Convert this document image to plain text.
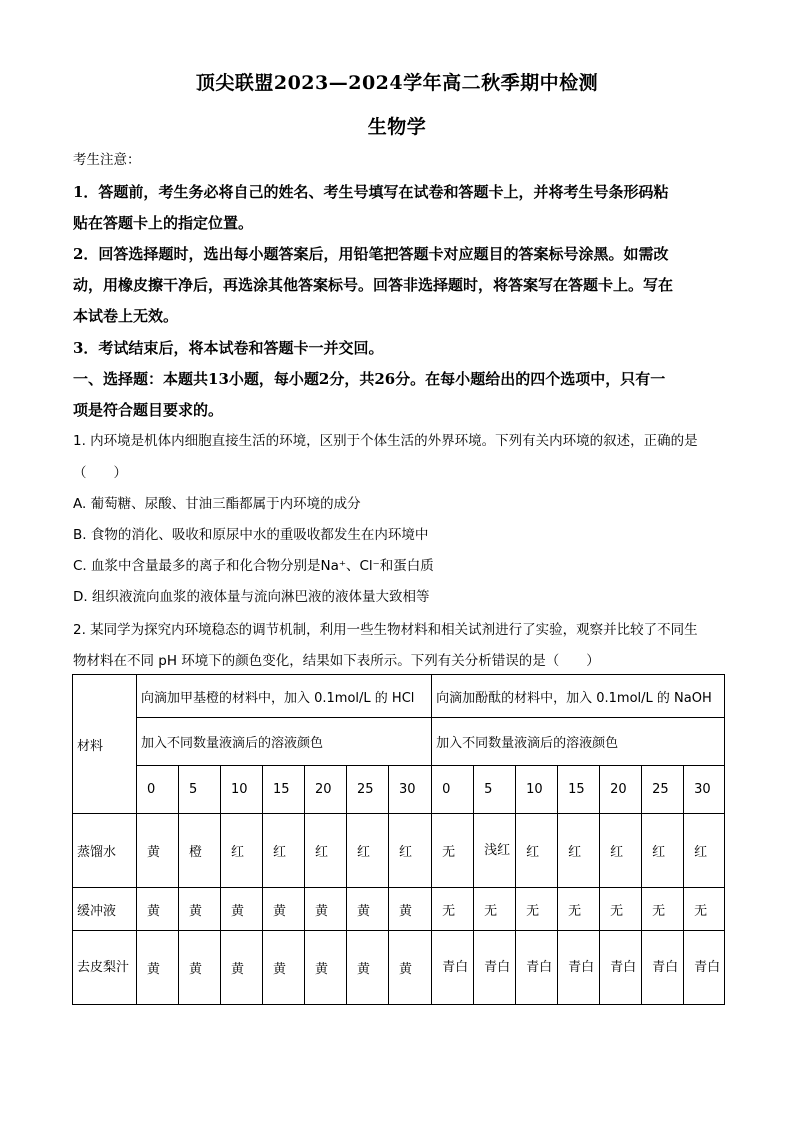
顶尖联盟2023—2024学年高二秋季期中检测
生物学
考生注意：
1．答题前，考生务必将自己的姓名、考生号填写在试卷和答题卡上，并将考生号条形码粘
贴在答题卡上的指定位置。
2．回答选择题时，选出每小题答案后，用铅笔把答题卡对应题目的答案标号涂黑。如需改
动，用橡皮擦干净后，再选涂其他答案标号。回答非选择题时，将答案写在答题卡上。写在
本试卷上无效。
3．考试结束后，将本试卷和答题卡一并交回。
一、选择题：本题共13小题，每小题2分，共26分。在每小题给出的四个选项中，只有一
项是符合题目要求的。
1. 内环境是机体内细胞直接生活的环境，区别于个体生活的外界环境。下列有关内环境的叙述，正确的是
（　　）
A. 葡萄糖、尿酸、甘油三酯都属于内环境的成分
B. 食物的消化、吸收和原尿中水的重吸收都发生在内环境中
C. 血浆中含量最多的离子和化合物分别是Na⁺、Cl⁻和蛋白质
D. 组织液流向血浆的液体量与流向淋巴液的液体量大致相等
2. 某同学为探究内环境稳态的调节机制，利用一些生物材料和相关试剂进行了实验，观察并比较了不同生
物材料在不同 pH 环境下的颜色变化，结果如下表所示。下列有关分析错误的是（　　）
材料	向滴加甲基橙的材料中，加入 0.1mol/L 的 HCl							向滴加酚酞的材料中，加入 0.1mol/L 的 NaOH						
	加入不同数量液滴后的溶液颜色							加入不同数量液滴后的溶液颜色						
	0	5	10	15	20	25	30	0	5	10	15	20	25	30
蒸馏水	黄	橙	红	红	红	红	红	无	浅红	红	红	红	红	红
缓冲液	黄	黄	黄	黄	黄	黄	黄	无	无	无	无	无	无	无
去皮梨汁	黄	黄	黄	黄	黄	黄	黄	青白	青白	青白	青白	青白	青白	青白
